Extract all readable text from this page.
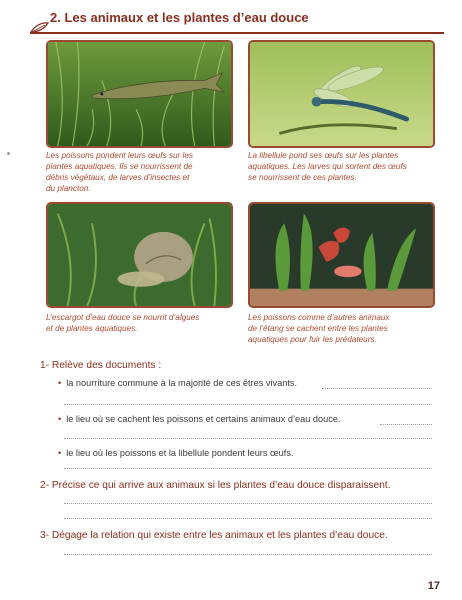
2. Les animaux et les plantes d’eau douce
Les poissons pondent leurs œufs sur les
plantes aquatiques. Ils se nourrissent de
débris végétaux, de larves d’insectes et
du plancton.
La libellule pond ses œufs sur les plantes
aquatiques. Les larves qui sortent des œufs
se nourrissent de ces plantes.
L’escargot d’eau douce se nourrit d’algues
et de plantes aquatiques.
Les poissons comme d’autres animaux
de l’étang se cachent entre les plantes
aquatiques pour fuir les prédateurs.
1- Relève des documents :
• la nourriture commune à la majorité de ces êtres vivants.
• le lieu où se cachent les poissons et certains animaux d’eau douce.
• le lieu où les poissons et la libellule pondent leurs œufs.
2- Précise ce qui arrive aux animaux si les plantes d’eau douce disparaissent.
3- Dégage la relation qui existe entre les animaux et les plantes d’eau douce.
17
